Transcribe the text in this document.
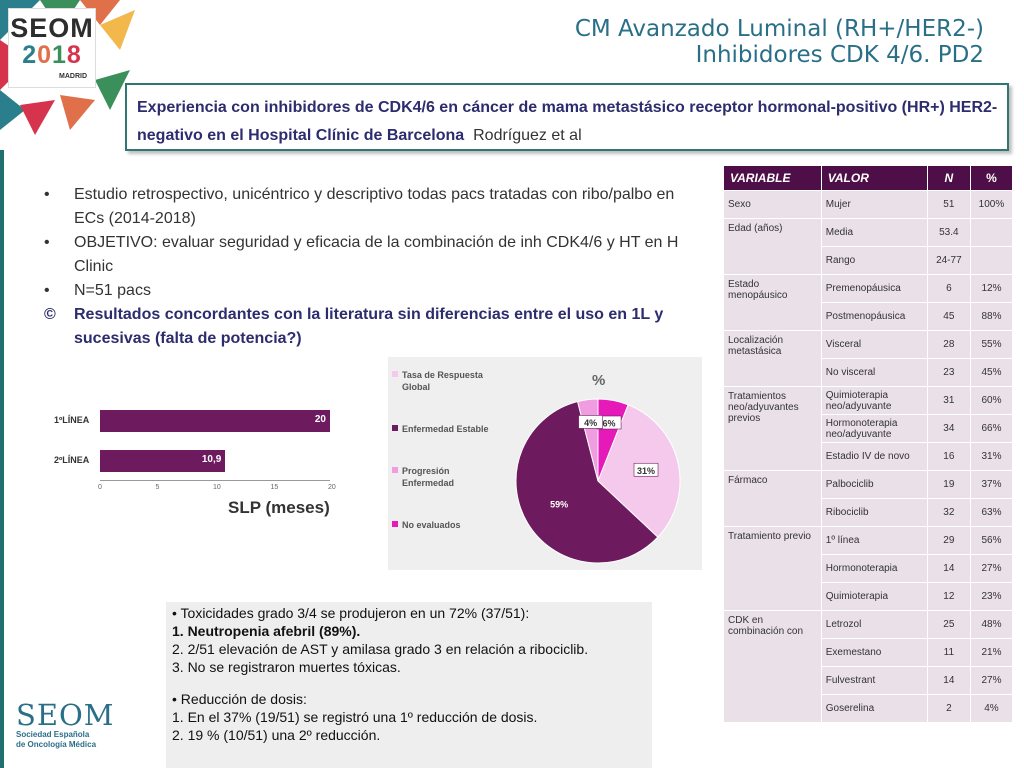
SEOM
2018
MADRID
CM Avanzado Luminal (RH+/HER2-)
Inhibidores CDK 4/6. PD2
Experiencia con inhibidores de CDK4/6 en cáncer de mama metastásico receptor hormonal-positivo (HR+) HER2-negativo en el Hospital Clínic de Barcelona Rodríguez et al
• Estudio retrospectivo, unicéntrico y descriptivo todas pacs tratadas con ribo/palbo en ECs (2014-2018)
• OBJETIVO: evaluar seguridad y eficacia de la combinación de inh CDK4/6 y HT en H Clinic
• N=51 pacs
© Resultados concordantes con la literatura sin diferencias entre el uso en 1L y sucesivas (falta de potencia?)
1ºLÍNEA
2ºLÍNEA
20
10,9
0	5	10	15	20
SLP (meses)
Tasa de Respuesta Global
Enfermedad Estable
Progresión Enfermedad
No evaluados
%
6%
31%
59%
4%
• Toxicidades grado 3/4 se produjeron en un 72% (37/51):
1. Neutropenia afebril (89%).
2. 2/51 elevación de AST y amilasa grado 3 en relación a ribociclib.
3. No se registraron muertes tóxicas.
• Reducción de dosis:
1. En el 37% (19/51) se registró una 1º reducción de dosis.
2. 19 % (10/51) una 2º reducción.
SEOM
Sociedad Española
de Oncología Médica
VARIABLE	VALOR	N	%
Sexo	Mujer	51	100%
Edad (años)	Media	53.4	
	Rango	24-77	
Estado menopáusico	Premenopáusica	6	12%
	Postmenopáusica	45	88%
Localización metastásica	Visceral	28	55%
	No visceral	23	45%
Tratamientos neo/adyuvantes previos	Quimioterapia neo/adyuvante	31	60%
	Hormonoterapia neo/adyuvante	34	66%
	Estadio IV de novo	16	31%
Fármaco	Palbociclib	19	37%
	Ribociclib	32	63%
Tratamiento previo	1º línea	29	56%
	Hormonoterapia	14	27%
	Quimioterapia	12	23%
CDK en combinación con	Letrozol	25	48%
	Exemestano	11	21%
	Fulvestrant	14	27%
	Goserelina	2	4%
